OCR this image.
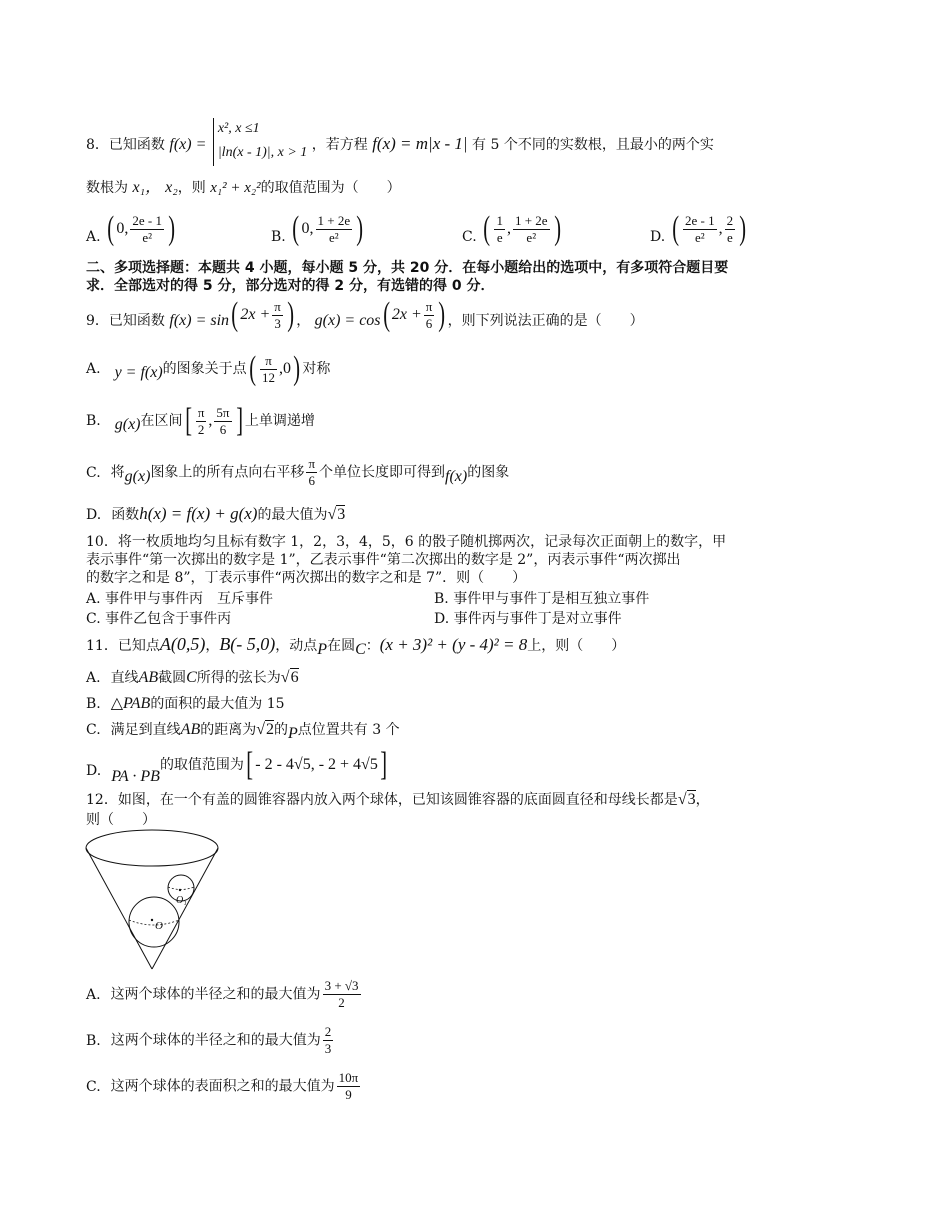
8．已知函数 f(x) =
x², x ≤1
|ln(x - 1)|, x > 1 ，若方程 f(x) = m|x - 1| 有 5 个不同的实数根，且最小的两个实
数根为 x₁， x₂，则 x₁² + x₂²的取值范围为（　　）
A. ( 0, $\frac{2e - 1}{\text{e²}}$ )	B. ( 0, $\frac{1 + 2e}{\text{e²}}$ )	C. ( $\frac{1}{e}$ , $\frac{1 + 2e}{\text{e²}}$ )	D. ( $\frac{2e - 1}{\text{e²}}$ , $\frac{2}{e}$ )
二、多项选择题：本题共 4 小题，每小题 5 分，共 20 分．在每小题给出的选项中，有多项符合题目要
求．全部选对的得 5 分，部分选对的得 2 分，有选错的得 0 分．
9．已知函数 f(x) = sin( $2x + \frac{\pi}{3}$ ) ， g(x) = cos( $2x + \frac{\pi}{6}$ ) ，则下列说法正确的是（　　）
A. y = f(x)的图象关于点( $\frac{\pi}{12} ,0$) 对称
B. g(x)在区间[ $\frac{\pi}{2}$ , $\frac{5\pi}{6}$ ] 上单调递增
C. 将g(x)图象上的所有点向右平移 $\frac{\pi}{6}$ 个单位长度即可得到f(x)的图象
D. 函数h(x) = f(x) + g(x)的最大值为√3
10．将一枚质地均匀且标有数字 1，2，3，4，5，6 的骰子随机掷两次，记录每次正面朝上的数字，甲
表示事件“第一次掷出的数字是 1”，乙表示事件“第二次掷出的数字是 2”，丙表示事件“两次掷出
的数字之和是 8”，丁表示事件“两次掷出的数字之和是 7”．则（　　）
A. 事件甲与事件丙　互斥事件	B. 事件甲与事件丁是相互独立事件
C. 事件乙包含于事件丙	D. 事件丙与事件丁是对立事件
11．已知点A(0,5)，B(- 5,0)，动点P在圆C：(x + 3)² + (y - 4)² = 8上，则（　　）
A. 直线AB截圆C所得的弦长为√6
B. △PAB的面积的最大值为 15
C. 满足到直线AB的距离为√2的P点位置共有 3 个
D. PA · PB的取值范围为[ - 2 - 4√5, - 2 + 4√5]
12．如图，在一个有盖的圆锥容器内放入两个球体，已知该圆锥容器的底面圆直径和母线长都是√3，
则（　　）
O
O₁
A. 这两个球体的半径之和的最大值为 $\frac{3 + √3}{2}$
B. 这两个球体的半径之和的最大值为 $\frac{2}{3}$
C. 这两个球体的表面积之和的最大值为 $\frac{10\pi}{9}$
